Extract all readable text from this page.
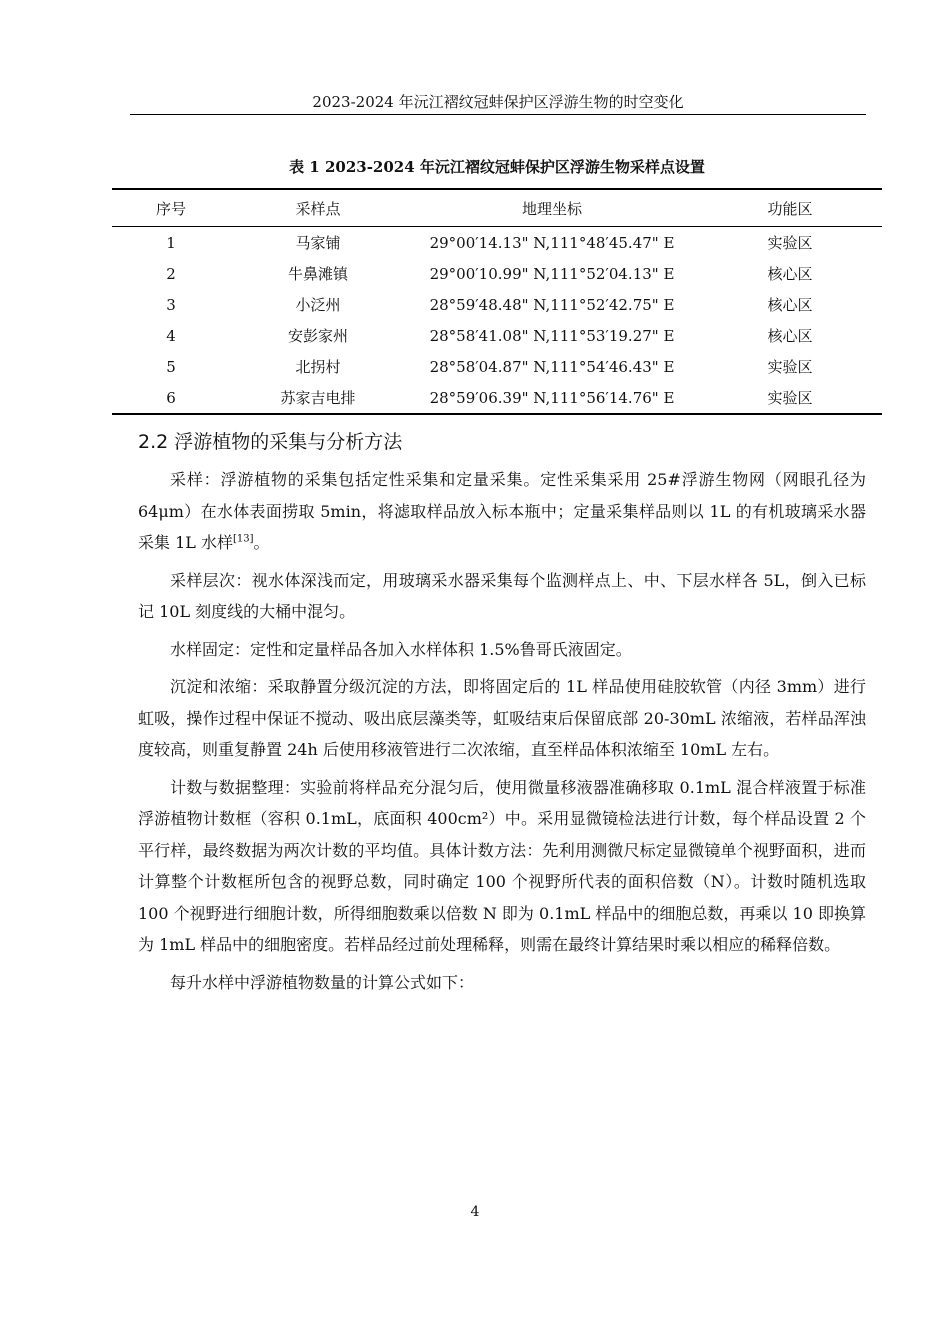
2023-2024 年沅江褶纹冠蚌保护区浮游生物的时空变化
表 1 2023-2024 年沅江褶纹冠蚌保护区浮游生物采样点设置
序号	采样点	地理坐标	功能区
1	马家铺	29°00′14.13" N,111°48′45.47" E	实验区
2	牛鼻滩镇	29°00′10.99" N,111°52′04.13" E	核心区
3	小泛州	28°59′48.48" N,111°52′42.75" E	核心区
4	安彭家州	28°58′41.08" N,111°53′19.27" E	核心区
5	北拐村	28°58′04.87" N,111°54′46.43" E	实验区
6	苏家吉电排	28°59′06.39" N,111°56′14.76" E	实验区
2.2 浮游植物的采集与分析方法

采样：浮游植物的采集包括定性采集和定量采集。定性采集采用 25#浮游生物网（网眼孔径为 64μm）在水体表面捞取 5min，将滤取样品放入标本瓶中；定量采集样品则以 1L 的有机玻璃采水器采集 1L 水样[13]。

采样层次：视水体深浅而定，用玻璃采水器采集每个监测样点上、中、下层水样各 5L，倒入已标记 10L 刻度线的大桶中混匀。

水样固定：定性和定量样品各加入水样体积 1.5%鲁哥氏液固定。

沉淀和浓缩：采取静置分级沉淀的方法，即将固定后的 1L 样品使用硅胶软管（内径 3mm）进行虹吸，操作过程中保证不搅动、吸出底层藻类等，虹吸结束后保留底部 20-30mL 浓缩液，若样品浑浊度较高，则重复静置 24h 后使用移液管进行二次浓缩，直至样品体积浓缩至 10mL 左右。

计数与数据整理：实验前将样品充分混匀后，使用微量移液器准确移取 0.1mL 混合样液置于标准浮游植物计数框（容积 0.1mL，底面积 400cm²）中。采用显微镜检法进行计数，每个样品设置 2 个平行样，最终数据为两次计数的平均值。具体计数方法：先利用测微尺标定显微镜单个视野面积，进而计算整个计数框所包含的视野总数，同时确定 100 个视野所代表的面积倍数（N）。计数时随机选取 100 个视野进行细胞计数，所得细胞数乘以倍数 N 即为 0.1mL 样品中的细胞总数，再乘以 10 即换算为 1mL 样品中的细胞密度。若样品经过前处理稀释，则需在最终计算结果时乘以相应的稀释倍数。

每升水样中浮游植物数量的计算公式如下：

4
